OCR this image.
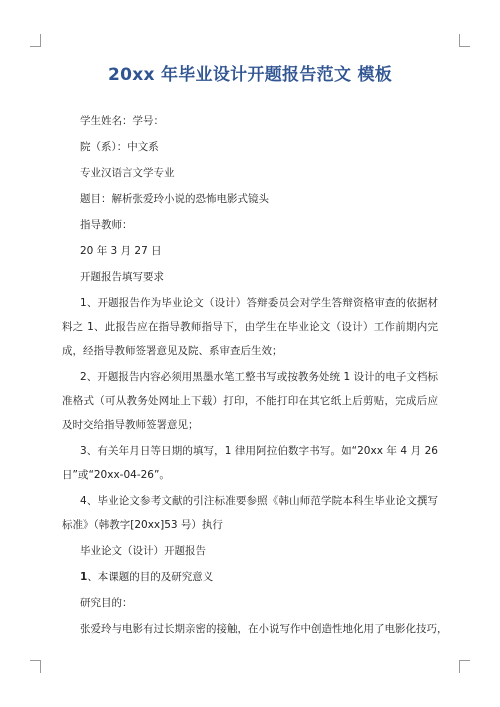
20xx 年毕业设计开题报告范文 模板
学生姓名：学号：
院（系）：中文系
专业汉语言文学专业
题目：解析张爱玲小说的恐怖电影式镜头
指导教师：
20 年 3 月 27 日
开题报告填写要求
1、开题报告作为毕业论文（设计）答辩委员会对学生答辩资格审查的依据材料之 1、此报告应在指导教师指导下，由学生在毕业论文（设计）工作前期内完成，经指导教师签署意见及院、系审查后生效；
2、开题报告内容必须用黑墨水笔工整书写或按教务处统 1 设计的电子文档标准格式（可从教务处网址上下载）打印，不能打印在其它纸上后剪贴，完成后应及时交给指导教师签署意见；
3、有关年月日等日期的填写，1 律用阿拉伯数字书写。如“20xx 年 4 月 26 日”或“20xx-04-26”。
4、毕业论文参考文献的引注标准要参照《韩山师范学院本科生毕业论文撰写标准》（韩教字[20xx]53 号）执行
毕业论文（设计）开题报告
1、本课题的目的及研究意义
研究目的：
张爱玲与电影有过长期亲密的接触，在小说写作中创造性地化用了电影化技巧，
